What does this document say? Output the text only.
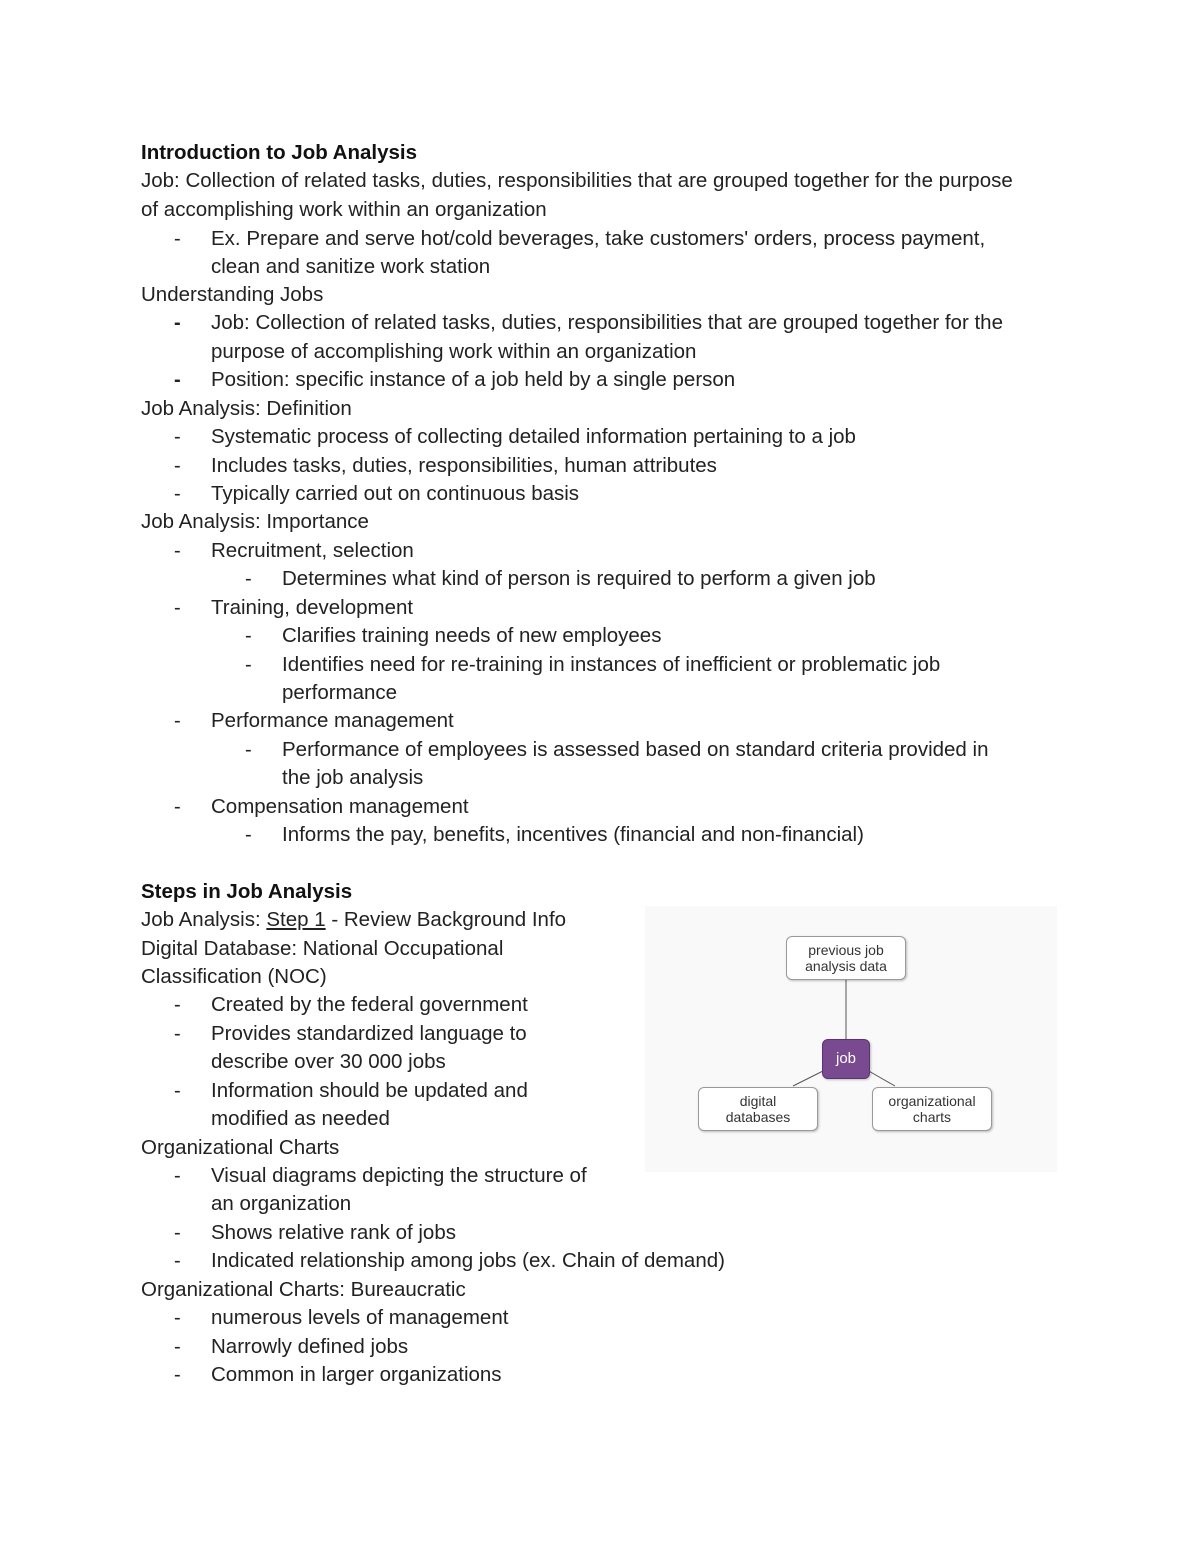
Introduction to Job Analysis
Job: Collection of related tasks, duties, responsibilities that are grouped together for the purpose
of accomplishing work within an organization
- Ex. Prepare and serve hot/cold beverages, take customers' orders, process payment,
clean and sanitize work station
Understanding Jobs
- Job: Collection of related tasks, duties, responsibilities that are grouped together for the
purpose of accomplishing work within an organization
- Position: specific instance of a job held by a single person
Job Analysis: Definition
- Systematic process of collecting detailed information pertaining to a job
- Includes tasks, duties, responsibilities, human attributes
- Typically carried out on continuous basis
Job Analysis: Importance
- Recruitment, selection
- Determines what kind of person is required to perform a given job
- Training, development
- Clarifies training needs of new employees
- Identifies need for re-training in instances of inefficient or problematic job
performance
- Performance management
- Performance of employees is assessed based on standard criteria provided in
the job analysis
- Compensation management
- Informs the pay, benefits, incentives (financial and non-financial)
Steps in Job Analysis
Job Analysis: Step 1 - Review Background Info
Digital Database: National Occupational
Classification (NOC)
- Created by the federal government
- Provides standardized language to
describe over 30 000 jobs
- Information should be updated and
modified as needed
Organizational Charts
- Visual diagrams depicting the structure of
an organization
- Shows relative rank of jobs
- Indicated relationship among jobs (ex. Chain of demand)
Organizational Charts: Bureaucratic
- numerous levels of management
- Narrowly defined jobs
- Common in larger organizations
previous job
analysis data
job
digital
databases
organizational
charts
